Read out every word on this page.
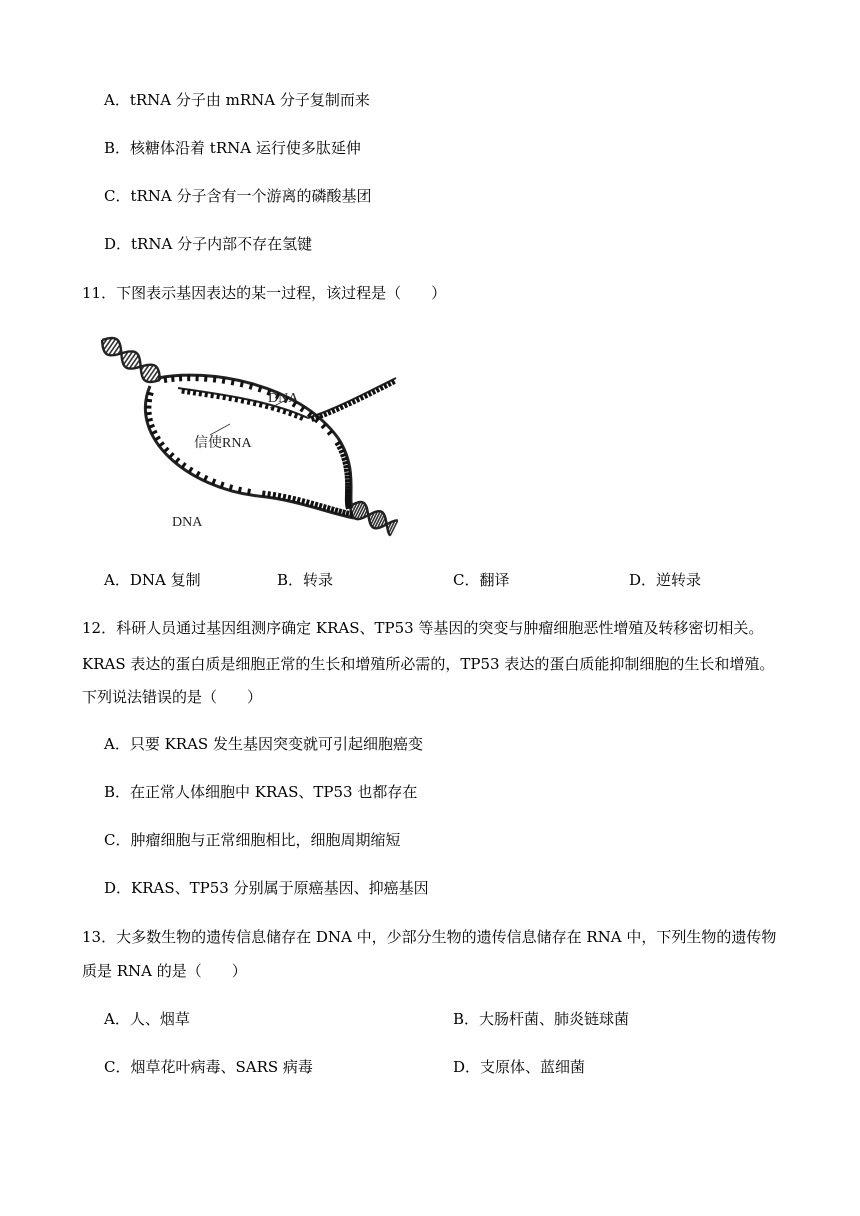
A．tRNA 分子由 mRNA 分子复制而来
B．核糖体沿着 tRNA 运行使多肽延伸
C．tRNA 分子含有一个游离的磷酸基团
D．tRNA 分子内部不存在氢键
11．下图表示基因表达的某一过程，该过程是（　　）
DNA
信使RNA
DNA
A．DNA 复制	B．转录	C．翻译	D．逆转录
12．科研人员通过基因组测序确定 KRAS、TP53 等基因的突变与肿瘤细胞恶性增殖及转移密切相关。
KRAS 表达的蛋白质是细胞正常的生长和增殖所必需的，TP53 表达的蛋白质能抑制细胞的生长和增殖。
下列说法错误的是（　　）
A．只要 KRAS 发生基因突变就可引起细胞癌变
B．在正常人体细胞中 KRAS、TP53 也都存在
C．肿瘤细胞与正常细胞相比，细胞周期缩短
D．KRAS、TP53 分别属于原癌基因、抑癌基因
13．大多数生物的遗传信息储存在 DNA 中，少部分生物的遗传信息储存在 RNA 中，下列生物的遗传物
质是 RNA 的是（　　）
A．人、烟草	B．大肠杆菌、肺炎链球菌
C．烟草花叶病毒、SARS 病毒	D．支原体、蓝细菌
